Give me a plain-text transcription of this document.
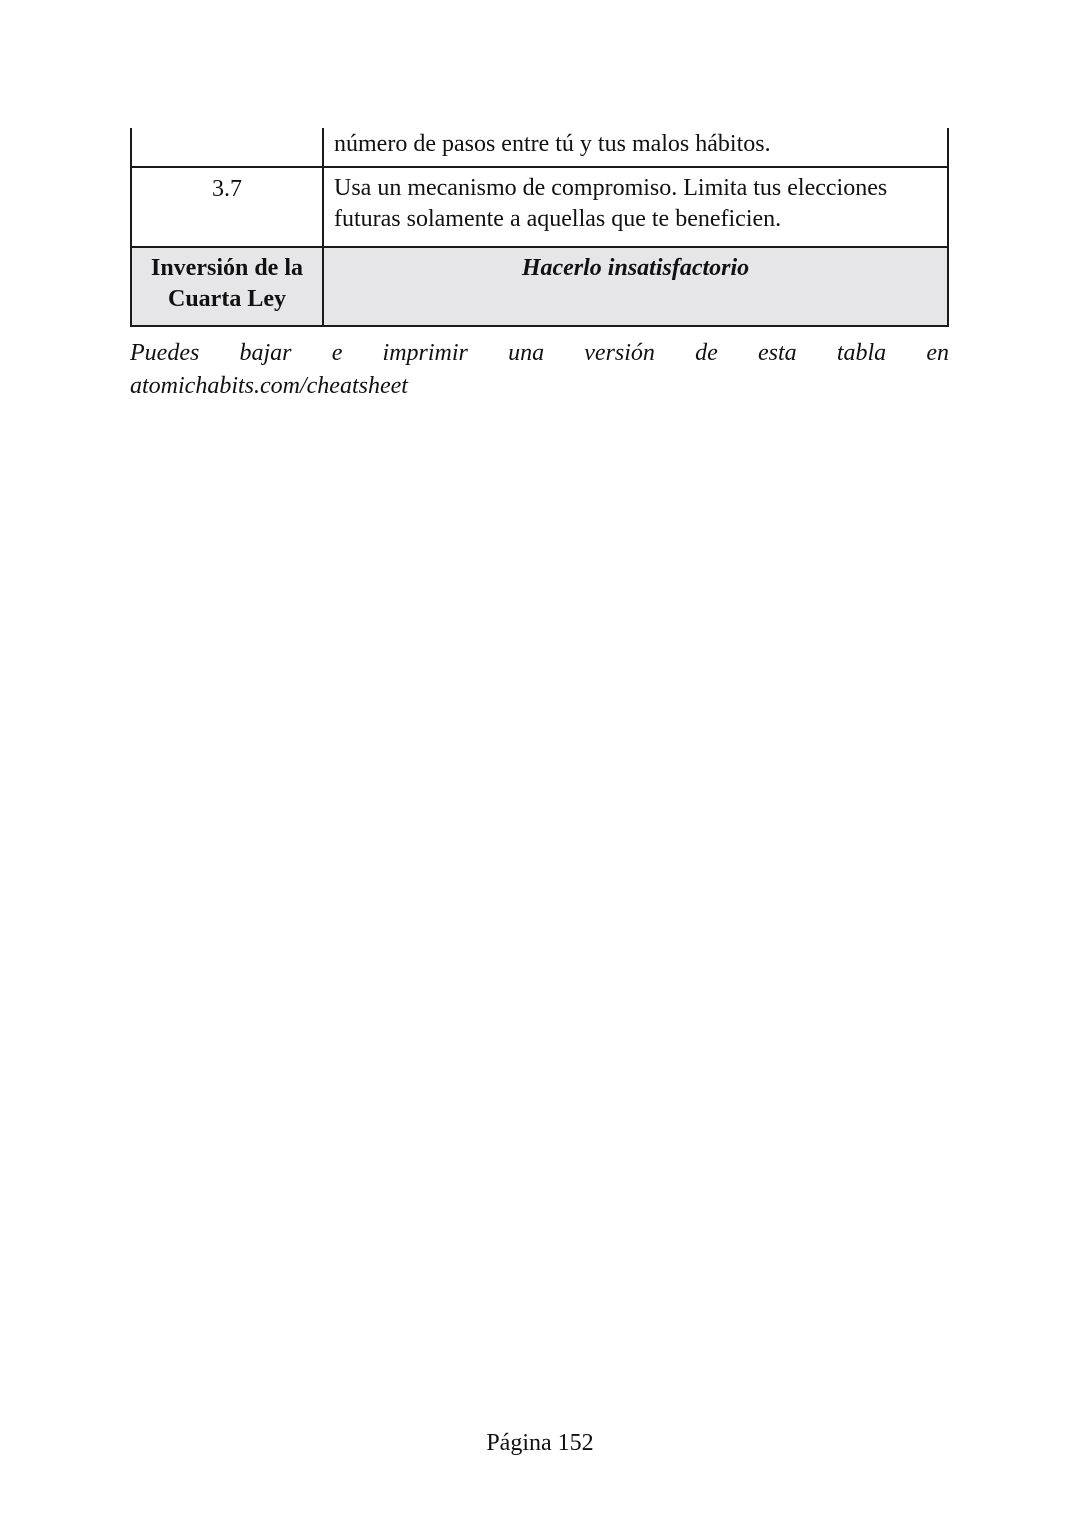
	número de pasos entre tú y tus malos hábitos.
3.7	Usa un mecanismo de compromiso. Limita tus elecciones futuras solamente a aquellas que te beneficien.
Inversión de la
Cuarta Ley	Hacerlo insatisfactorio
Puedes bajar e imprimir una versión de esta tabla en
atomichabits.com/cheatsheet
Página 152
